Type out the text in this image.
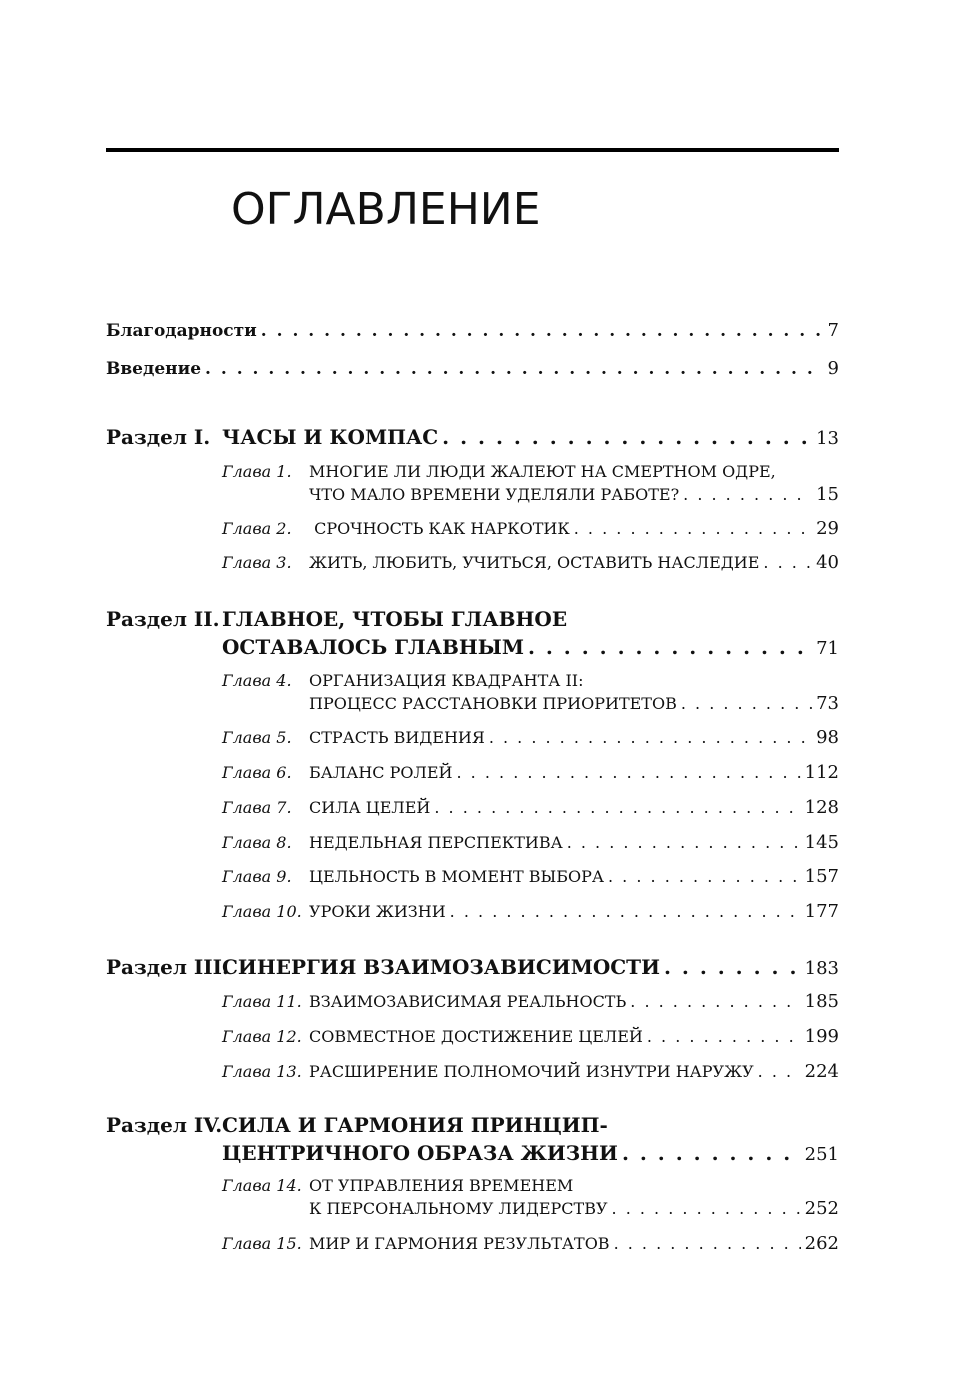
ОГЛАВЛЕНИЕ
Благодарности . . .	7
Введение . . .	9
Раздел I. ЧАСЫ И КОМПАС . . .	13
Глава 1. МНОГИЕ ЛИ ЛЮДИ ЖАЛЕЮТ НА СМЕРТНОМ ОДРЕ,
ЧТО МАЛО ВРЕМЕНИ УДЕЛЯЛИ РАБОТЕ? . . .	15
Глава 2. СРОЧНОСТЬ КАК НАРКОТИК . . .	29
Глава 3. ЖИТЬ, ЛЮБИТЬ, УЧИТЬСЯ, ОСТАВИТЬ НАСЛЕДИЕ . . .	40
Раздел II. ГЛАВНОЕ, ЧТОБЫ ГЛАВНОЕ
ОСТАВАЛОСЬ ГЛАВНЫМ . . .	71
Глава 4. ОРГАНИЗАЦИЯ КВАДРАНТА II:
ПРОЦЕСС РАССТАНОВКИ ПРИОРИТЕТОВ . . .	73
Глава 5. СТРАСТЬ ВИДЕНИЯ . . .	98
Глава 6. БАЛАНС РОЛЕЙ . . .	112
Глава 7. СИЛА ЦЕЛЕЙ . . .	128
Глава 8. НЕДЕЛЬНАЯ ПЕРСПЕКТИВА . . .	145
Глава 9. ЦЕЛЬНОСТЬ В МОМЕНТ ВЫБОРА . . .	157
Глава 10. УРОКИ ЖИЗНИ . . .	177
Раздел III.
СИНЕРГИЯ ВЗАИМОЗАВИСИМОСТИ . . .	183
Глава 11. ВЗАИМОЗАВИСИМАЯ РЕАЛЬНОСТЬ . . .	185
Глава 12. СОВМЕСТНОЕ ДОСТИЖЕНИЕ ЦЕЛЕЙ . . .	199
Глава 13. РАСШИРЕНИЕ ПОЛНОМОЧИЙ ИЗНУТРИ НАРУЖУ . . .	224
Раздел IV. СИЛА И ГАРМОНИЯ ПРИНЦИП-
ЦЕНТРИЧНОГО ОБРАЗА ЖИЗНИ . . .	251
Глава 14. ОТ УПРАВЛЕНИЯ ВРЕМЕНЕМ
К ПЕРСОНАЛЬНОМУ ЛИДЕРСТВУ . . .	252
Глава 15. МИР И ГАРМОНИЯ РЕЗУЛЬТАТОВ . . .	262
